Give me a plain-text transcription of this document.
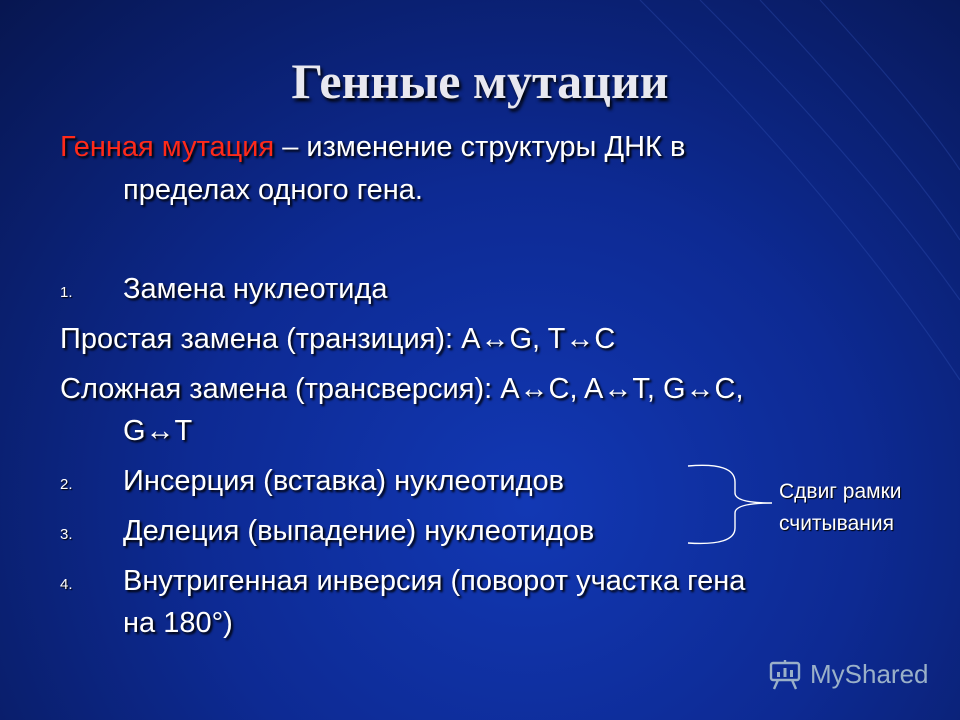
Генные мутации
Генная мутация – изменение структуры ДНК в
пределах одного гена.
1. Замена нуклеотида
Простая замена (транзиция): A↔G, T↔C
Сложная замена (трансверсия): A↔C, A↔T, G↔C,
G↔T
2. Инсерция (вставка) нуклеотидов
3. Делеция (выпадение) нуклеотидов
4. Внутригенная инверсия (поворот участка гена
на 180°)
Сдвиг рамки
считывания
MyShared
